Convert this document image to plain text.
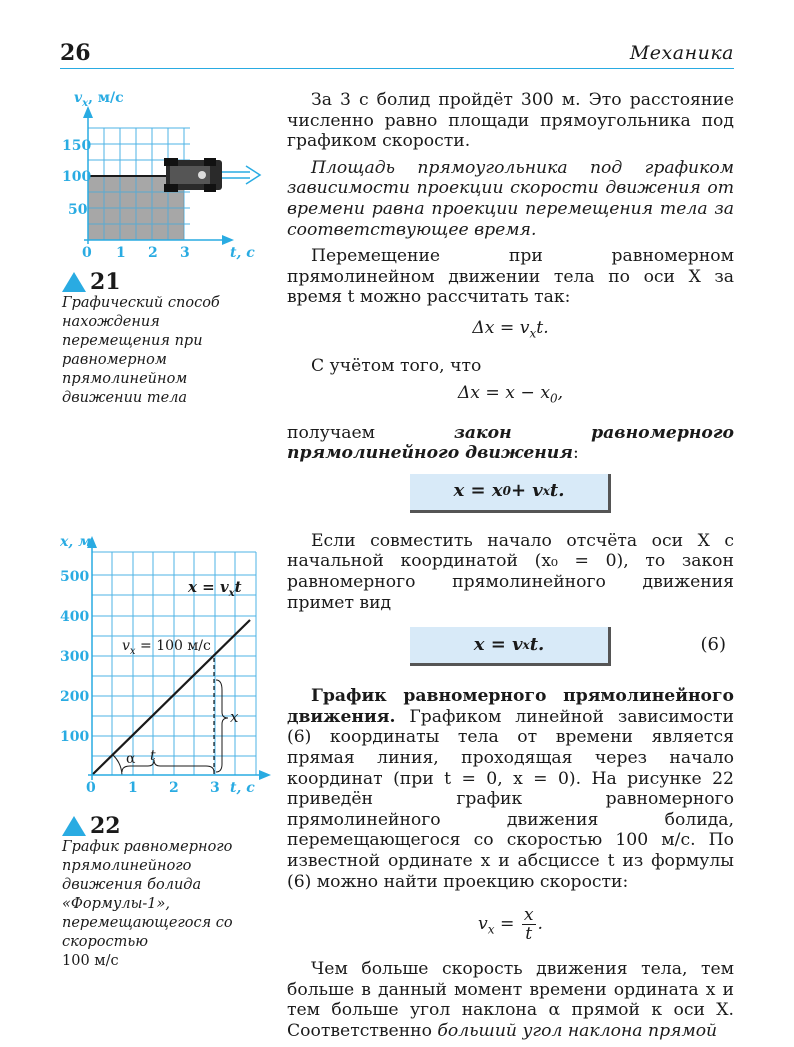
26	Механика
$v_x$, м/с
150
100
50
0 1 2 3	t, с
21
Графический способ нахождения перемещения при равномерном прямолинейном движении тела
x, м
500
400
300
200
100
0 1 2 3 t, с
$x = v_xt$
$v_x = 100$ м/с
α t
x
22
График равномерного прямолинейного движения болида «Формулы-1», перемещающегося со скоростью
100 м/с

За 3 с болид пройдёт 300 м. Это расстояние численно равно площади прямоугольника под графиком скорости.

Площадь прямоугольника под графиком зависимости проекции скорости движения от времени равна проекции перемещения тела за соответствующее время.

Перемещение при равномерном прямолинейном движении тела по оси X за время t можно рассчитать так:

$\Delta x = v_xt$.

С учётом того, что

$\Delta x = x - x_0$,

получаем закон равномерного прямолинейного движения:

x = x 0 + v x t.

Если совместить начало отсчёта оси X с начальной координатой (x₀ = 0), то закон равномерного прямолинейного движения примет вид

x = v x t.	(6)

График равномерного прямолинейного движения. Графиком линейной зависимости (6) координаты тела от времени является прямая линия, проходящая через начало координат (при t = 0, x = 0). На рисунке 22 приведён график равномерного прямолинейного движения болида, перемещающегося со скоростью 100 м/с. По известной ординате x и абсциссе t из формулы (6) можно найти проекцию скорости:

$v_x = \frac{x}{t}$ .

Чем больше скорость движения тела, тем больше в данный момент времени ордината x и тем больше угол наклона α прямой к оси X. Соответственно больший угол наклона прямой
